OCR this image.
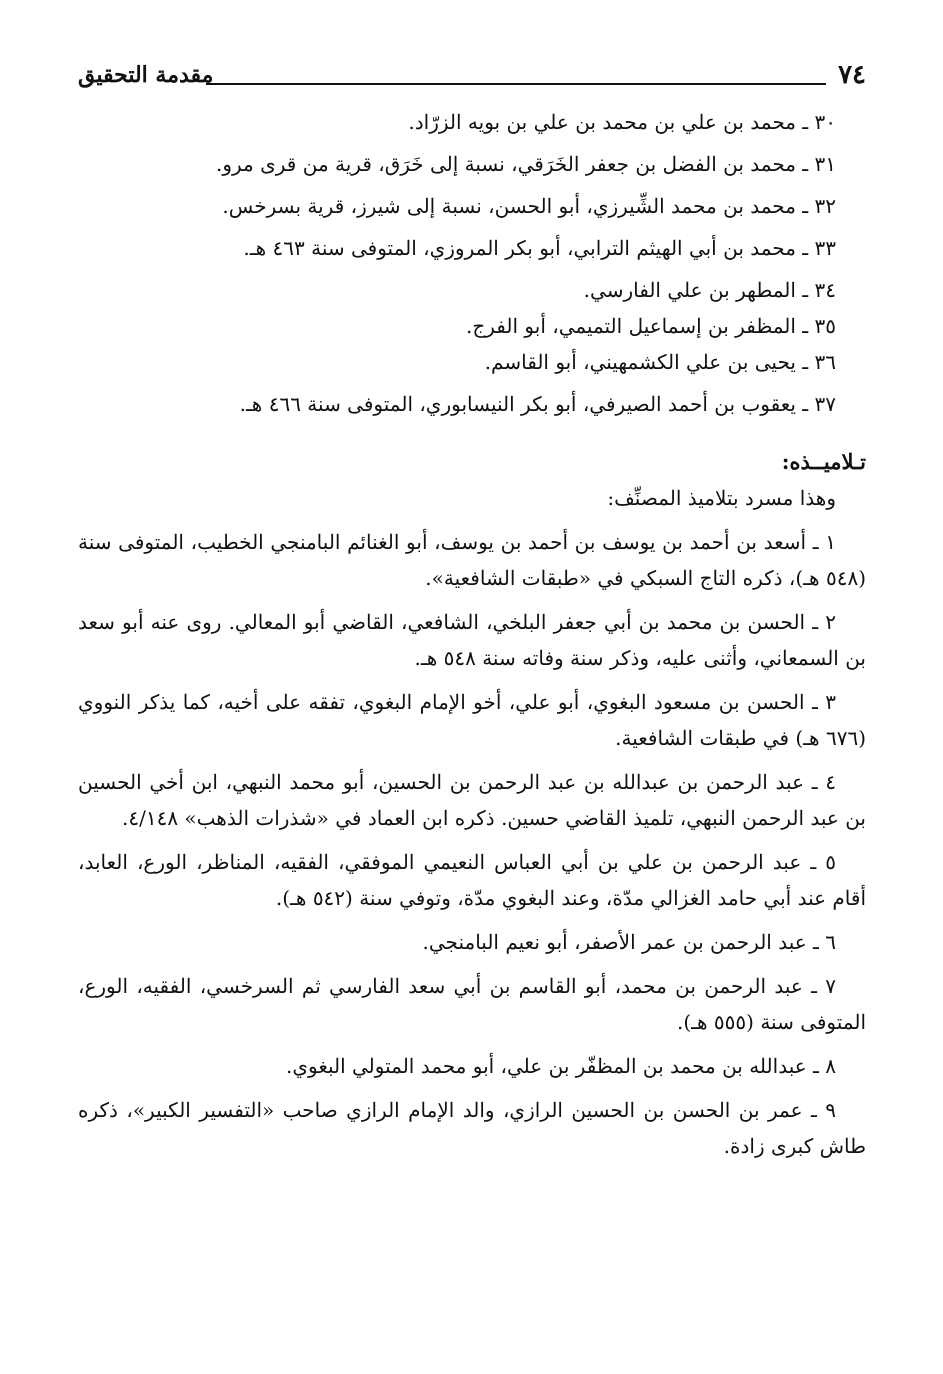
٧٤
مقدمة التحقيق

٣٠ ـ محمد بن علي بن محمد بن علي بن بويه الزرّاد.

٣١ ـ محمد بن الفضل بن جعفر الخَرَقي، نسبة إلى خَرَق، قرية من قرى مرو.

٣٢ ـ محمد بن محمد الشِّيرزي، أبو الحسن، نسبة إلى شيرز، قرية بسرخس.

٣٣ ـ محمد بن أبي الهيثم الترابي، أبو بكر المروزي، المتوفى سنة ٤٦٣ هـ.

٣٤ ـ المطهر بن علي الفارسي.

٣٥ ـ المظفر بن إسماعيل التميمي، أبو الفرج.

٣٦ ـ يحيى بن علي الكشمهيني، أبو القاسم.

٣٧ ـ يعقوب بن أحمد الصيرفي، أبو بكر النيسابوري، المتوفى سنة ٤٦٦ هـ.

تـلاميــذه:

وهذا مسرد بتلاميذ المصنِّف:

١ ـ أسعد بن أحمد بن يوسف بن أحمد بن يوسف، أبو الغنائم البامنجي الخطيب، المتوفى سنة (٥٤٨ هـ)، ذكره التاج السبكي في «طبقات الشافعية».

٢ ـ الحسن بن محمد بن أبي جعفر البلخي، الشافعي، القاضي أبو المعالي. روى عنه أبو سعد بن السمعاني، وأثنى عليه، وذكر سنة وفاته سنة ٥٤٨ هـ.

٣ ـ الحسن بن مسعود البغوي، أبو علي، أخو الإمام البغوي، تفقه على أخيه، كما يذكر النووي (٦٧٦ هـ) في طبقات الشافعية.

٤ ـ عبد الرحمن بن عبدالله بن عبد الرحمن بن الحسين، أبو محمد النبهي، ابن أخي الحسين بن عبد الرحمن النبهي، تلميذ القاضي حسين. ذكره ابن العماد في «شذرات الذهب» ٤/١٤٨.

٥ ـ عبد الرحمن بن علي بن أبي العباس النعيمي الموفقي، الفقيه، المناظر، الورع، العابد، أقام عند أبي حامد الغزالي مدّة، وعند البغوي مدّة، وتوفي سنة (٥٤٢ هـ).

٦ ـ عبد الرحمن بن عمر الأصفر، أبو نعيم البامنجي.

٧ ـ عبد الرحمن بن محمد، أبو القاسم بن أبي سعد الفارسي ثم السرخسي، الفقيه، الورع، المتوفى سنة (٥٥٥ هـ).

٨ ـ عبدالله بن محمد بن المظفّر بن علي، أبو محمد المتولي البغوي.

٩ ـ عمر بن الحسن بن الحسين الرازي، والد الإمام الرازي صاحب «التفسير الكبير»، ذكره طاش كبرى زادة.
